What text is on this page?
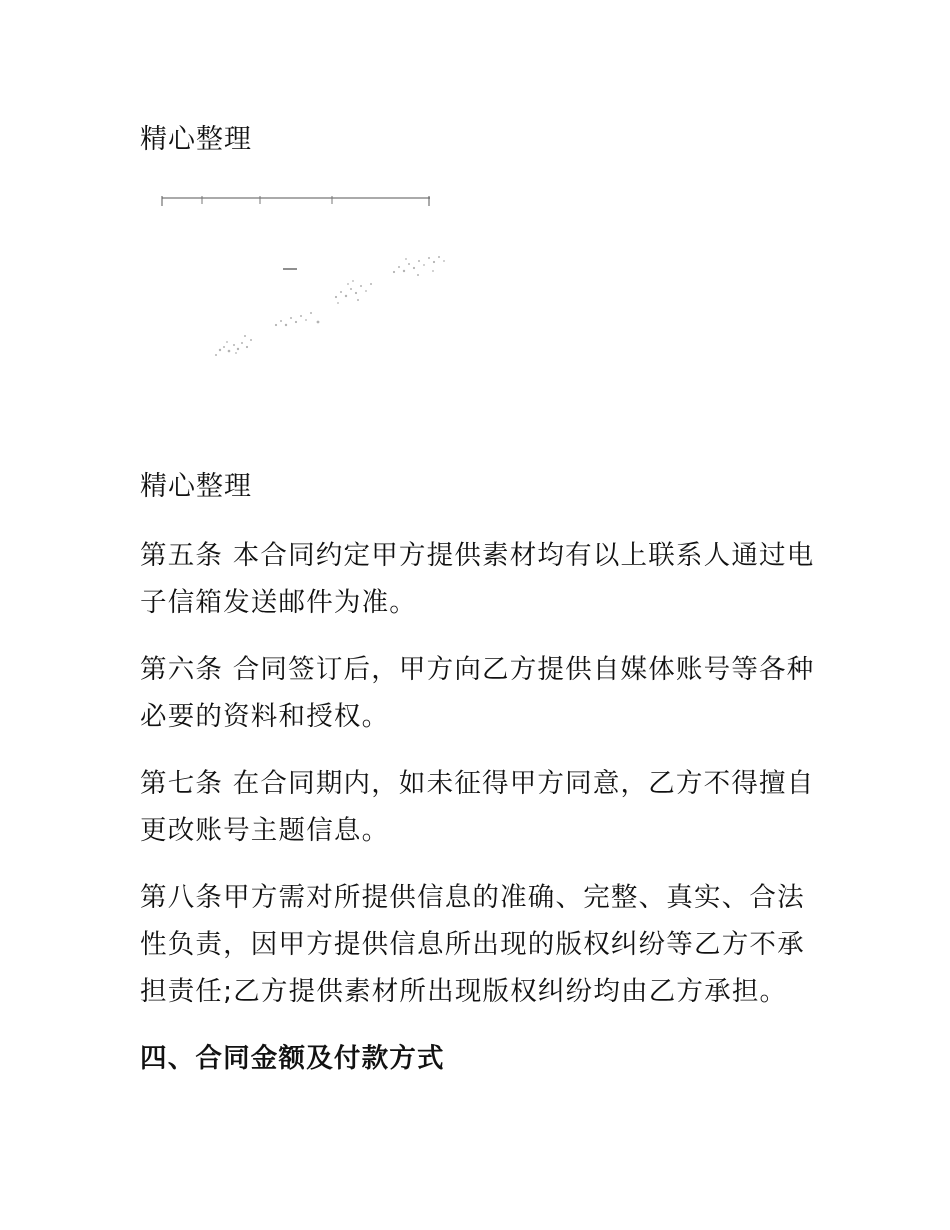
精心整理
精心整理

第五条 本合同约定甲方提供素材均有以上联系人通过电子信箱发送邮件为准。

第六条 合同签订后，甲方向乙方提供自媒体账号等各种必要的资料和授权。

第七条 在合同期内，如未征得甲方同意，乙方不得擅自更改账号主题信息。

第八条甲方需对所提供信息的准确、完整、真实、合法性负责，因甲方提供信息所出现的版权纠纷等乙方不承担责任;乙方提供素材所出现版权纠纷均由乙方承担。

四、合同金额及付款方式
